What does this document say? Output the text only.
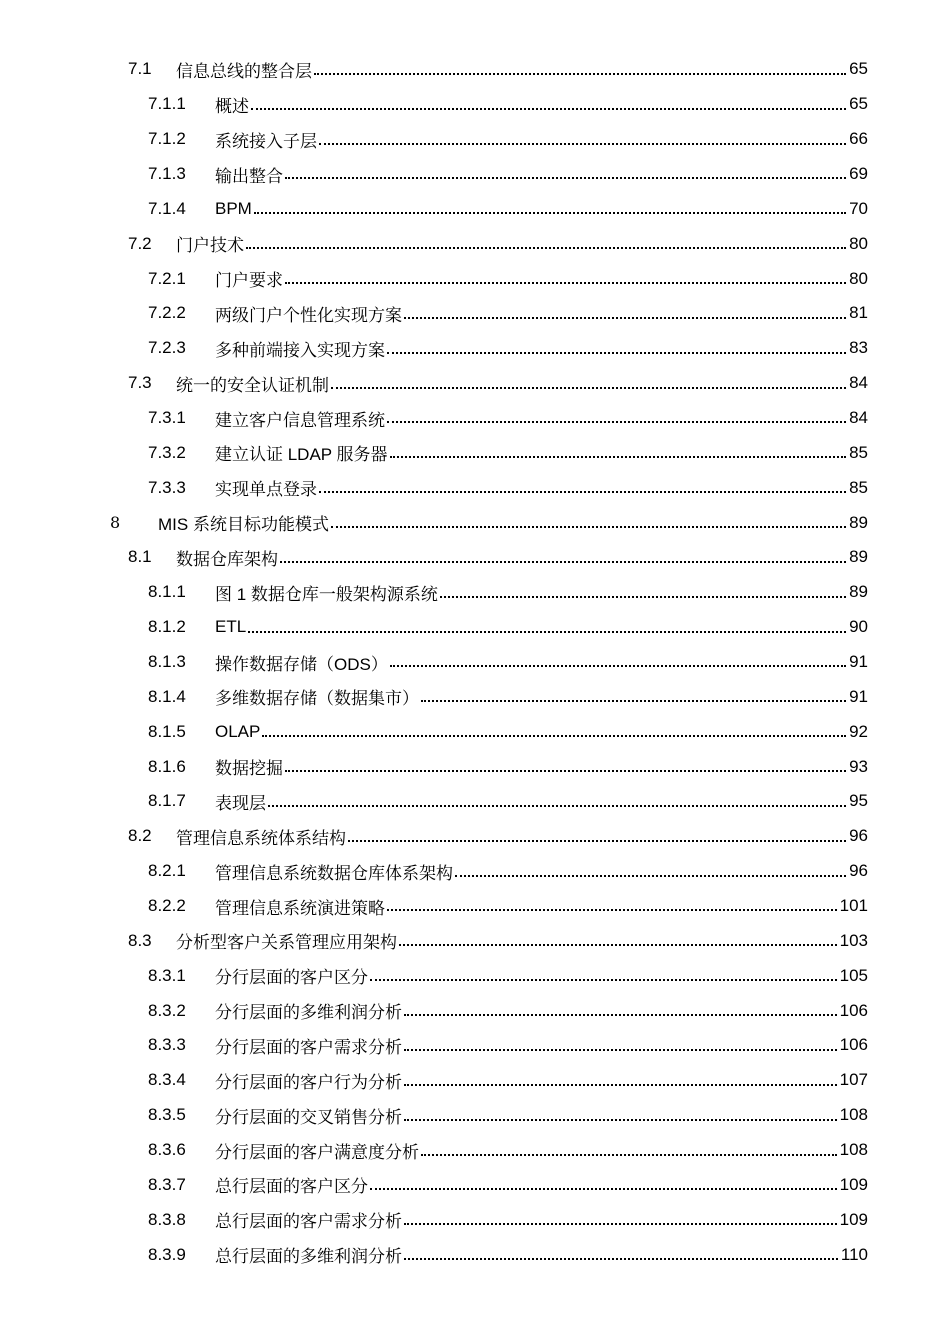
7.1	信息总线的整合层	65
7.1.1	概述	65
7.1.2	系统接入子层	66
7.1.3	输出整合	69
7.1.4	BPM	70
7.2	门户技术	80
7.2.1	门户要求	80
7.2.2	两级门户个性化实现方案	81
7.2.3	多种前端接入实现方案	83
7.3	统一的安全认证机制	84
7.3.1	建立客户信息管理系统	84
7.3.2	建立认证 LDAP 服务器	85
7.3.3	实现单点登录	85
8	MIS 系统目标功能模式	89
8.1	数据仓库架构	89
8.1.1	图 1 数据仓库一般架构源系统	89
8.1.2	ETL	90
8.1.3	操作数据存储（ODS）	91
8.1.4	多维数据存储（数据集市）	91
8.1.5	OLAP	92
8.1.6	数据挖掘	93
8.1.7	表现层	95
8.2	管理信息系统体系结构	96
8.2.1	管理信息系统数据仓库体系架构	96
8.2.2	管理信息系统演进策略	101
8.3	分析型客户关系管理应用架构	103
8.3.1	分行层面的客户区分	105
8.3.2	分行层面的多维利润分析	106
8.3.3	分行层面的客户需求分析	106
8.3.4	分行层面的客户行为分析	107
8.3.5	分行层面的交叉销售分析	108
8.3.6	分行层面的客户满意度分析	108
8.3.7	总行层面的客户区分	109
8.3.8	总行层面的客户需求分析	109
8.3.9	总行层面的多维利润分析	110
